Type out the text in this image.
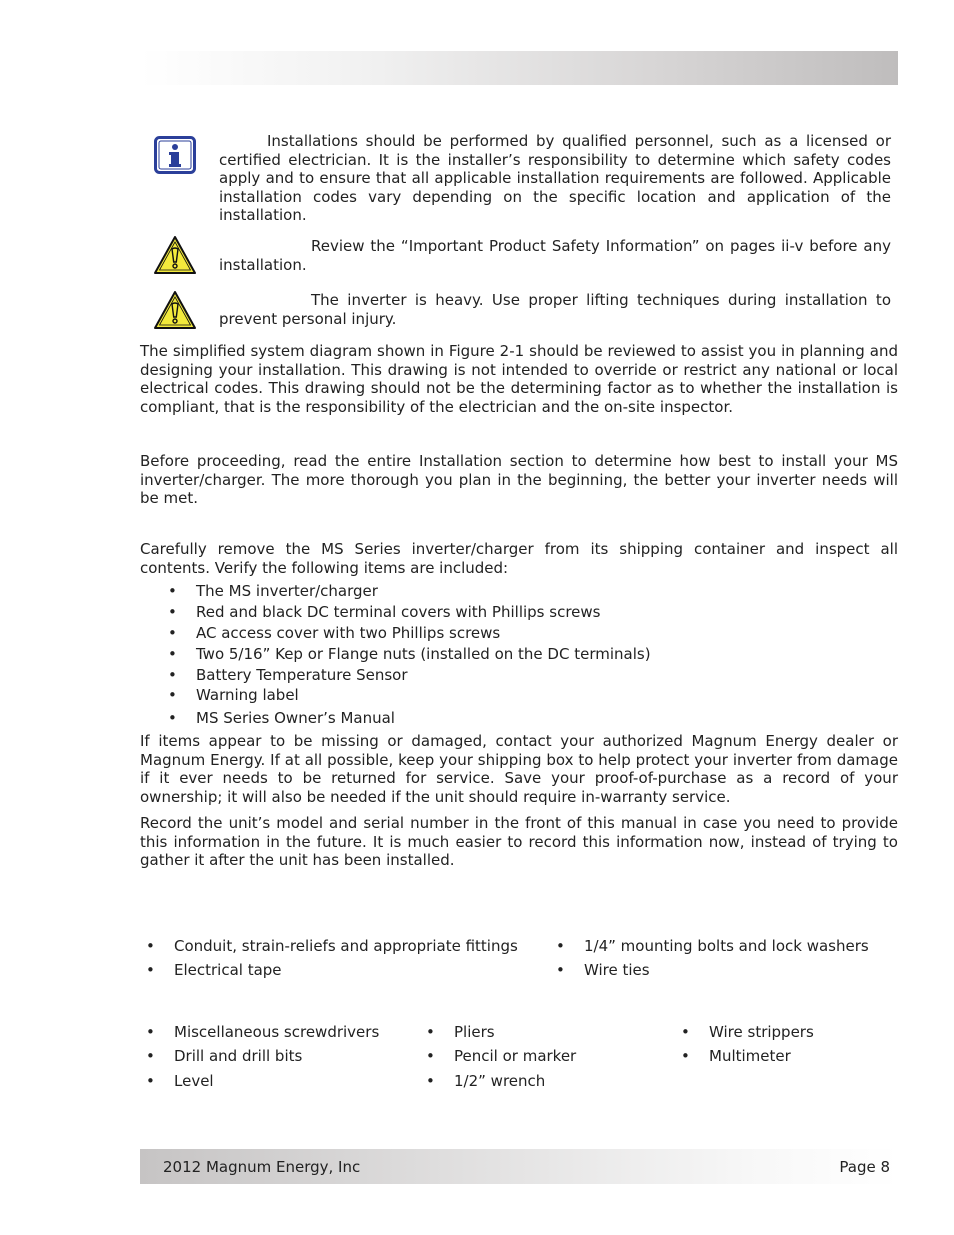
Installations should be performed by qualified personnel, such as a licensed or certified electrician. It is the installer’s responsibility to determine which safety codes apply and to ensure that all applicable installation requirements are followed. Applicable installation codes vary depending on the specific location and application of the installation.
Review the “Important Product Safety Information” on pages ii-v before any installation.
The inverter is heavy. Use proper lifting techniques during installation to prevent personal injury.
The simplified system diagram shown in Figure 2-1 should be reviewed to assist you in planning and designing your installation. This drawing is not intended to override or restrict any national or local electrical codes. This drawing should not be the determining factor as to whether the installation is compliant, that is the responsibility of the electrician and the on-site inspector.
Before proceeding, read the entire Installation section to determine how best to install your MS inverter/charger. The more thorough you plan in the beginning, the better your inverter needs will be met.
Carefully remove the MS Series inverter/charger from its shipping container and inspect all contents. Verify the following items are included:
• The MS inverter/charger
• Red and black DC terminal covers with Phillips screws
• AC access cover with two Phillips screws
• Two 5/16” Kep or Flange nuts (installed on the DC terminals)
• Battery Temperature Sensor
• Warning label
• MS Series Owner’s Manual
If items appear to be missing or damaged, contact your authorized Magnum Energy dealer or Magnum Energy. If at all possible, keep your shipping box to help protect your inverter from damage if it ever needs to be returned for service. Save your proof-of-purchase as a record of your ownership; it will also be needed if the unit should require in-warranty service.
Record the unit’s model and serial number in the front of this manual in case you need to provide this information in the future. It is much easier to record this information now, instead of trying to gather it after the unit has been installed.
• Conduit, strain-reliefs and appropriate fittings	• 1/4” mounting bolts and lock washers
• Electrical tape	• Wire ties
• Miscellaneous screwdrivers	• Pliers	• Wire strippers
• Drill and drill bits	• Pencil or marker	• Multimeter
• Level	• 1/2” wrench
2012 Magnum Energy, Inc	Page 8
